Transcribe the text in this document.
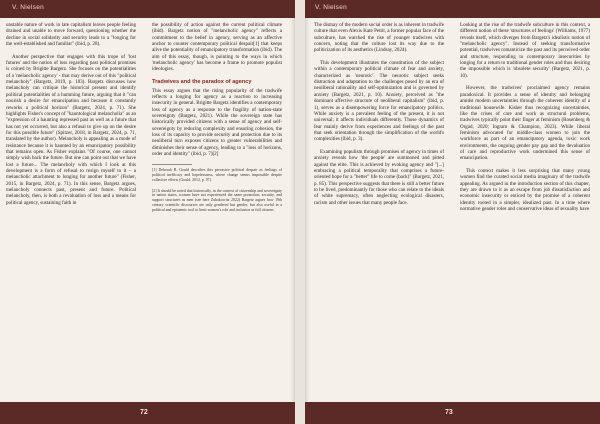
V. Nielsen

unstable nature of work in late capitalism leaves people feeling drained and unable to move forward, questioning whether the decline in social solidarity and security leads to a "longing for the well-established and familiar" (ibid, p. 28).

Another perspective that engages with this trope of 'lost futures' and the notion of loss regarding past political promises is coined by Brigitte Bargetz. She focuses on the potentialities of a 'melancholic agency' - that may derive out of this "political melancholy" (Bargetz, 2019, p. 183). Bargetz discusses how melancholy can critique the historical present and identify political potentialities of a humming future, arguing that it "can nourish a desire for emancipation and because it constantly reworks a political horizon" (Bargetz, 2024, p. 71). She highlights Fisher's concept of "hauntological melancholia" as an "expression of a haunting repressed past as well as a future that has not yet occurred, but also a refusal to give up on the desire for this possible future" (Spitzer, 2018, in Bargetz, 2024, p. 71, translated by the author). Melancholy is appealing as a mode of resistance because it is haunted by an emancipatory possibility that remains open. As Fisher explains "Of course, one cannot simply wish back the future. But one can point out that we have lost a future... The melancholy with which I look at this development is a form of refusal to resign myself to it – a melancholic attachment to longing for another future" (Fisher, 2015, in Bargetz, 2024, p. 71). In this sense, Bargetz argues, melancholy connects past, present and future. Political melancholy, then, is both a revaluation of loss and a means for political agency, sustaining faith in

the possibility of action against the current political climate (ibid). Bargetz notion of "melancholic agency" reflects a commitment to the belief in agency, serving as an affective anchor to counter contemporary political despair[1] that keeps alive the potentiality of emancipatory transformation (ibid). The aim of this essay, though, is pointing to the ways in which 'melancholic agency' has become a frame to promote populist ideologies.

Tradwives and the paradox of agency

This essay argues that the rising popularity of the tradwife reflects a longing for agency as a reaction to increasing insecurity in general. Brigitte Bargetz identifies a contemporary loss of agency as a response to the fragility of nation-state sovereignty (Bargetz, 2021). While the sovereign state has historically provided citizens with a sense of agency and self-sovereignty by reducing complexity and ensuring cohesion, the loss of its capacity to provide security and protection due to its neoliberal turn exposes citizens to greater vulnerabilities and diminishes their sense of agency, leading to a "loss of horizons, order and identity" (ibid, p. 7)[2]

[1] Deborah B. Gould describes this pervasive political despair as feelings of political inefficacy and hopelessness, where change seems impossible despite collective efforts (Gould, 2012, p. 97).

[2] It should be noted that historically, in the context of citizenship and sovereignty in nation states, women have not experienced the same protection, security, and support structures as men (see here Zubakowitz 2022) Bargetz argues how 19th century scientific discourses are only gendered but gender, but also useful in a political and epistemic tool to limit women's role and inclusion as full citizens.

72
V. Nielsen

The dismay of the modern social order is as inherent in tradwife culture that even Alexis Kate Pettit, a former popular face of the subculture, has watched the rise of younger tradwives with concern, noting that the culture lost its way due to the politicization of its aesthetics (Lindsay, 2024).

This development illustrates the constitution of the subject within a contemporary political climate of fear and anxiety, characterized as 'neurotic'. The neurotic subject seeks distraction and adaptation to the challenges posed by an era of neoliberal rationality and self-optimization and is governed by anxiety (Bargetz, 2021, p. 10). Anxiety, perceived as "the dominant affective structure of neoliberal capitalism" (ibid, p. 1), serves as a disempowering force for emancipatory politics. While anxiety is a prevalent feeling of the present, it is not universal; it affects individuals differently. Those dynamics of fear mainly derive from experiences and feelings of the past that seek orientation through the simplification of the world's complexities (ibid, p. 3).

Examining populism through promises of agency in times of anxiety reveals how 'the people' are summoned and pitted against the elite. This is achieved by evoking agency and "[...] embracing a political temporality that comprises a future-oriented hope for a "better" life to come (back)" (Bargetz, 2021, p. 85). This perspective suggests that there is still a better future to be lived, predominantly for those who can relate to the ideals of white supremacy, often neglecting ecological disasters, racism and other issues that many people face.

Looking at the rise of the tradwife subculture in this context, a different notion of these 'structures of feelings' (Williams, 1977) reveals itself, which diverges from Bargetz's idealistic notion of "melancholic agency". Instead of seeking transformative potential, tradwives romanticize the past and its perceived order and structure, responding to contemporary insecurities by longing for a return to traditional gender roles and thus desiring the impossible which is 'obsolete security' (Bargetz, 2021, p. 10).

However, the tradwives' proclaimed agency remains paradoxical. It provides a sense of identity and belonging amidst modern uncertainties through the coherent identity of a traditional housewife. Kisher thus recognizing uncertainties, like the crises of care and work as structural problems, tradwives typically point their finger at feminism (Rosenberg & Orgad, 2020; Ingram & Champion, 2023). While liberal feminism advocated for middle-class women to join the workforce as part of an emancipatory agenda, toxic work environments, the ongoing gender pay gap and the devaluation of care and reproductive work undermined this sense of emancipation.

This context makes it less surprising that many young women find the curated social media imaginary of the tradwife appealing. As argued in the introduction section of this chapter, they are drawn to it as an escape from job dissatisfaction and economic insecurity or enticed by the promise of a coherent identity rooted in a simpler, idealized past. In a time where normative gender roles and conservative ideas of sexuality have

73
